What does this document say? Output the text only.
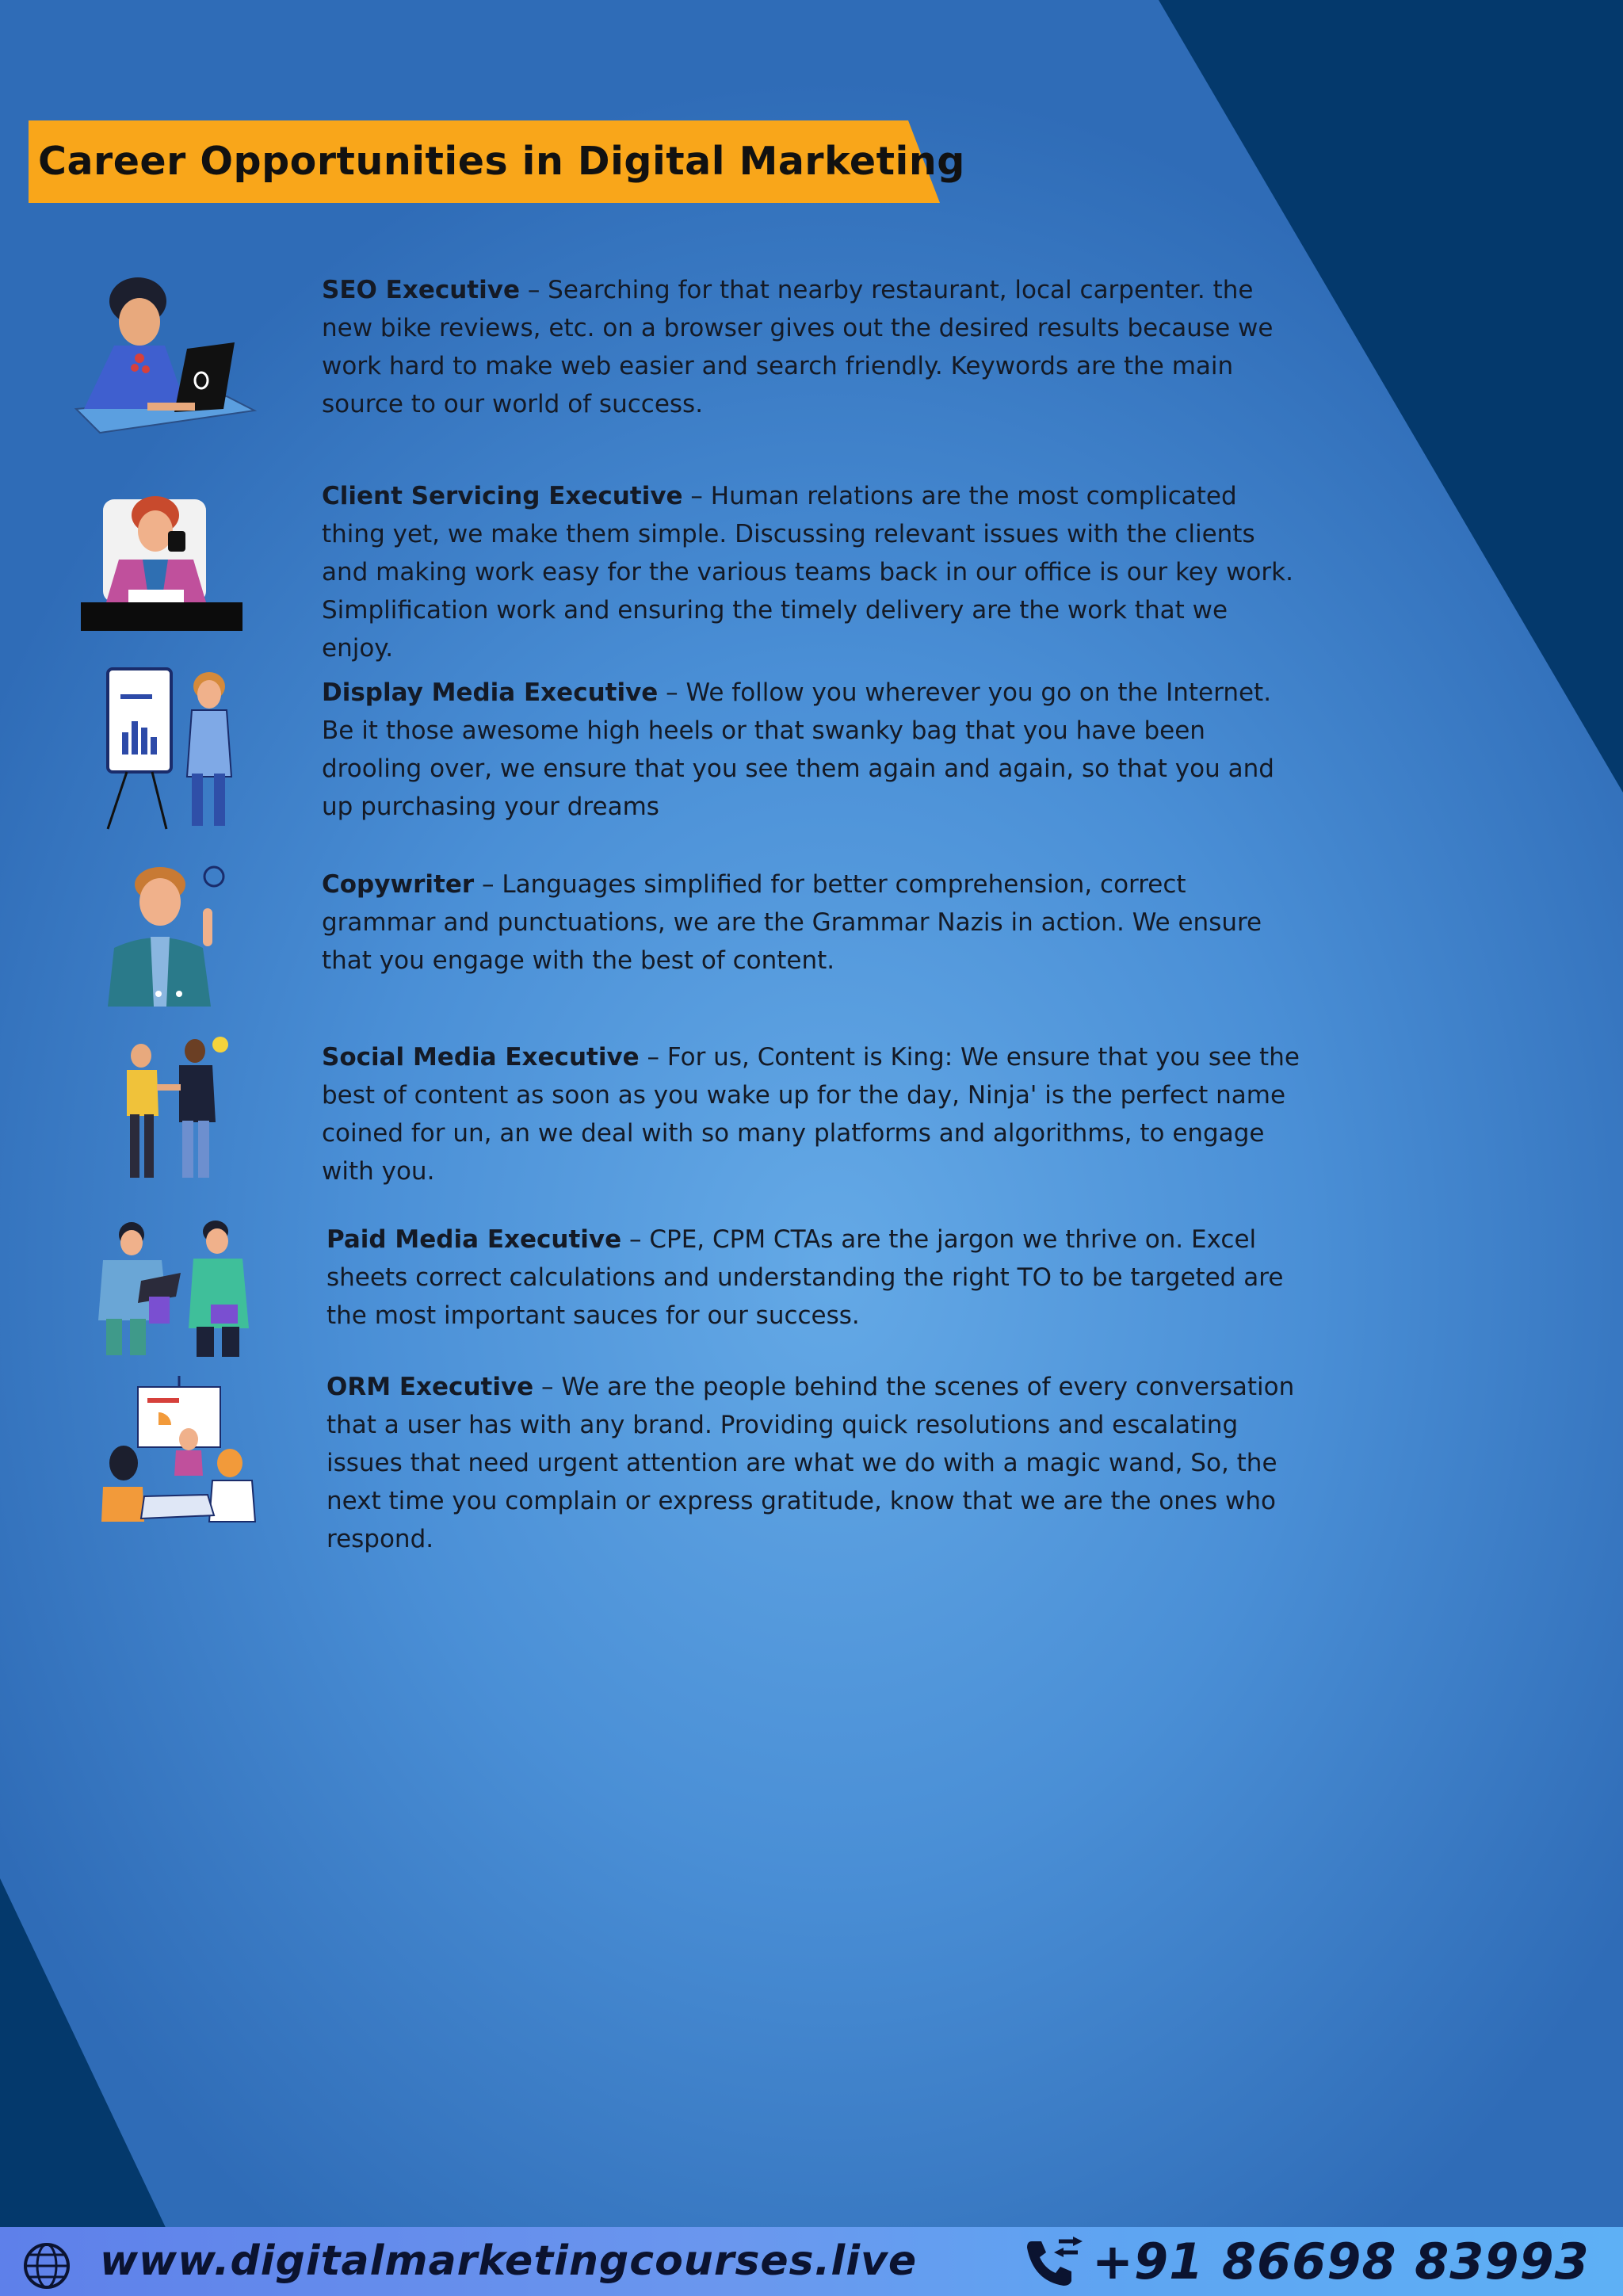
Career Opportunities in Digital Marketing
SEO Executive – Searching for that nearby restaurant, local carpenter. the new bike reviews, etc. on a browser gives out the desired results because we work hard to make web easier and search friendly. Keywords are the main source to our world of success.
Client Servicing Executive – Human relations are the most complicated thing yet, we make them simple. Discussing relevant issues with the clients and making work easy for the various teams back in our office is our key work. Simplification work and ensuring the timely delivery are the work that we enjoy.
Display Media Executive – We follow you wherever you go on the Internet. Be it those awesome high heels or that swanky bag that you have been drooling over, we ensure that you see them again and again, so that you and up purchasing your dreams
Copywriter – Languages simplified for better comprehension, correct grammar and punctuations, we are the Grammar Nazis in action. We ensure that you engage with the best of content.
Social Media Executive – For us, Content is King: We ensure that you see the best of content as soon as you wake up for the day, Ninja' is the perfect name coined for un, an we deal with so many platforms and algorithms, to engage with you.
Paid Media Executive – CPE, CPM CTAs are the jargon we thrive on. Excel sheets correct calculations and understanding the right TO to be targeted are the most important sauces for our success.
ORM Executive – We are the people behind the scenes of every conversation that a user has with any brand. Providing quick resolutions and escalating issues that need urgent attention are what we do with a magic wand, So, the next time you complain or express gratitude, know that we are the ones who respond.
www.digitalmarketingcourses.live	+91 86698 83993
